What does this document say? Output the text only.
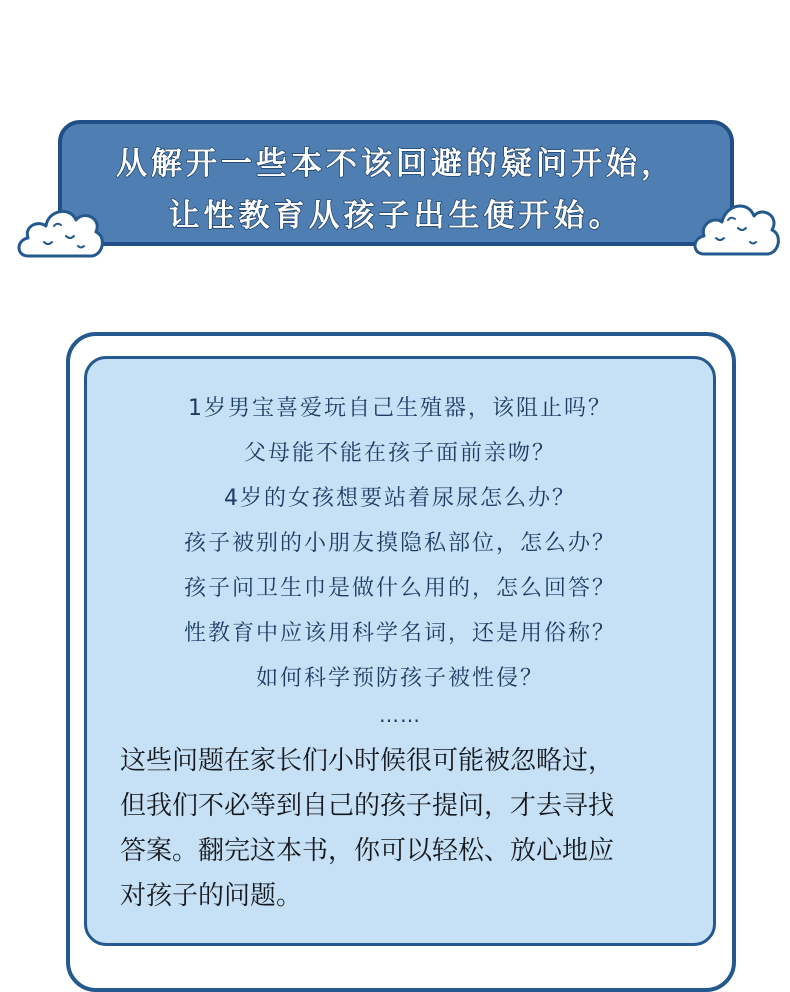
从解开一些本不该回避的疑问开始，
让性教育从孩子出生便开始。
1岁男宝喜爱玩自己生殖器，该阻止吗？
父母能不能在孩子面前亲吻？
4岁的女孩想要站着尿尿怎么办？
孩子被别的小朋友摸隐私部位，怎么办？
孩子问卫生巾是做什么用的，怎么回答？
性教育中应该用科学名词，还是用俗称？
如何科学预防孩子被性侵？
……
这些问题在家长们小时候很可能被忽略过，
但我们不必等到自己的孩子提问，才去寻找
答案。翻完这本书，你可以轻松、放心地应
对孩子的问题。
